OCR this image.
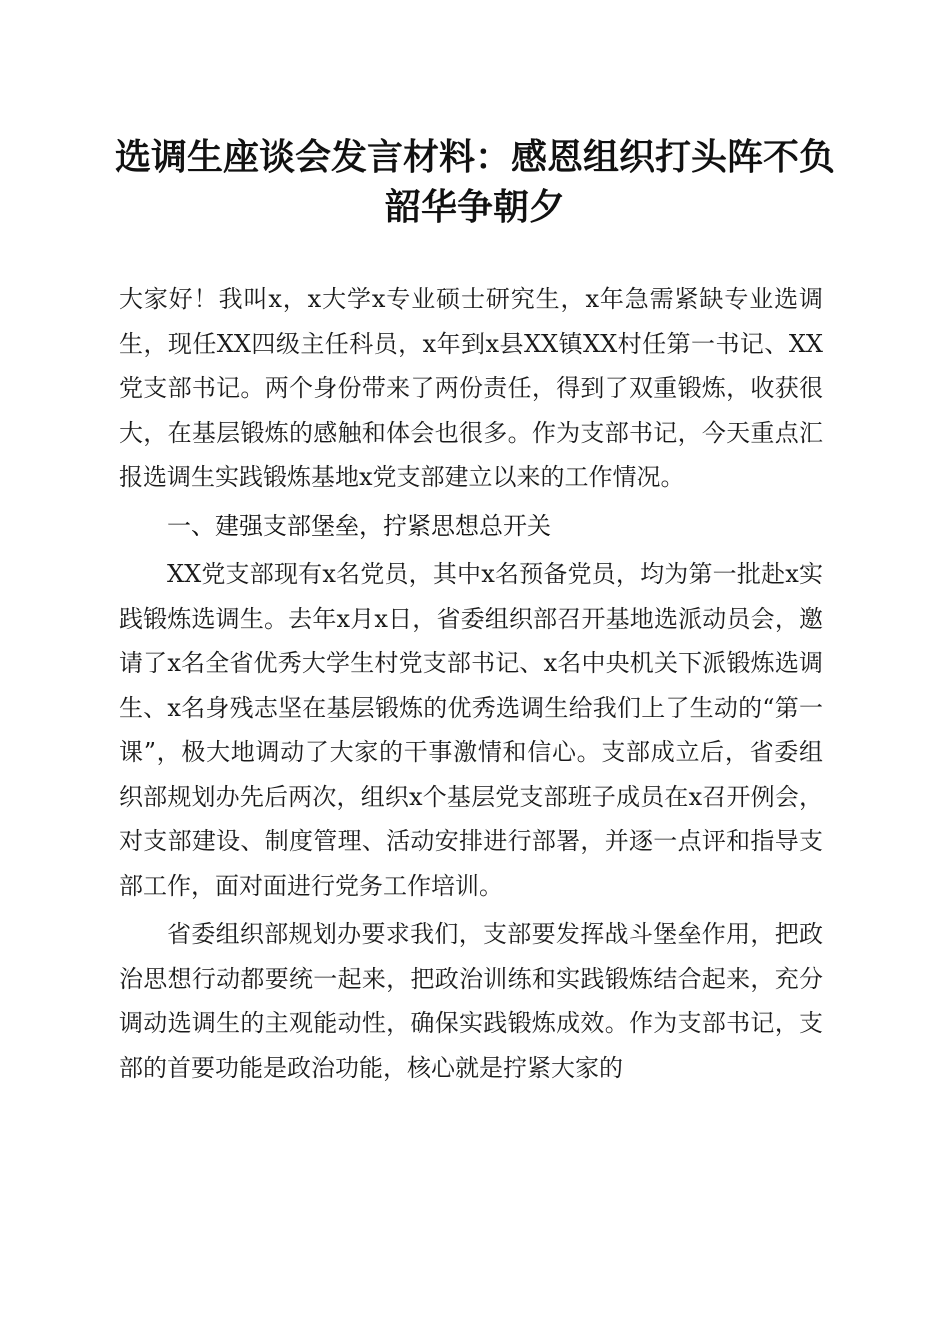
选调生座谈会发言材料：感恩组织打头阵不负
韶华争朝夕

大家好！我叫x，x大学x专业硕士研究生，x年急需紧缺专业选调生，现任XX四级主任科员，x年到x县XX镇XX村任第一书记、XX党支部书记。两个身份带来了两份责任，得到了双重锻炼，收获很大，在基层锻炼的感触和体会也很多。作为支部书记，今天重点汇报选调生实践锻炼基地x党支部建立以来的工作情况。

一、建强支部堡垒，拧紧思想总开关

XX党支部现有x名党员，其中x名预备党员，均为第一批赴x实践锻炼选调生。去年x月x日，省委组织部召开基地选派动员会，邀请了x名全省优秀大学生村党支部书记、x名中央机关下派锻炼选调生、x名身残志坚在基层锻炼的优秀选调生给我们上了生动的“第一课”，极大地调动了大家的干事激情和信心。支部成立后，省委组织部规划办先后两次，组织x个基层党支部班子成员在x召开例会，对支部建设、制度管理、活动安排进行部署，并逐一点评和指导支部工作，面对面进行党务工作培训。

省委组织部规划办要求我们，支部要发挥战斗堡垒作用，把政治思想行动都要统一起来，把政治训练和实践锻炼结合起来，充分调动选调生的主观能动性，确保实践锻炼成效。作为支部书记，支部的首要功能是政治功能，核心就是拧紧大家的
